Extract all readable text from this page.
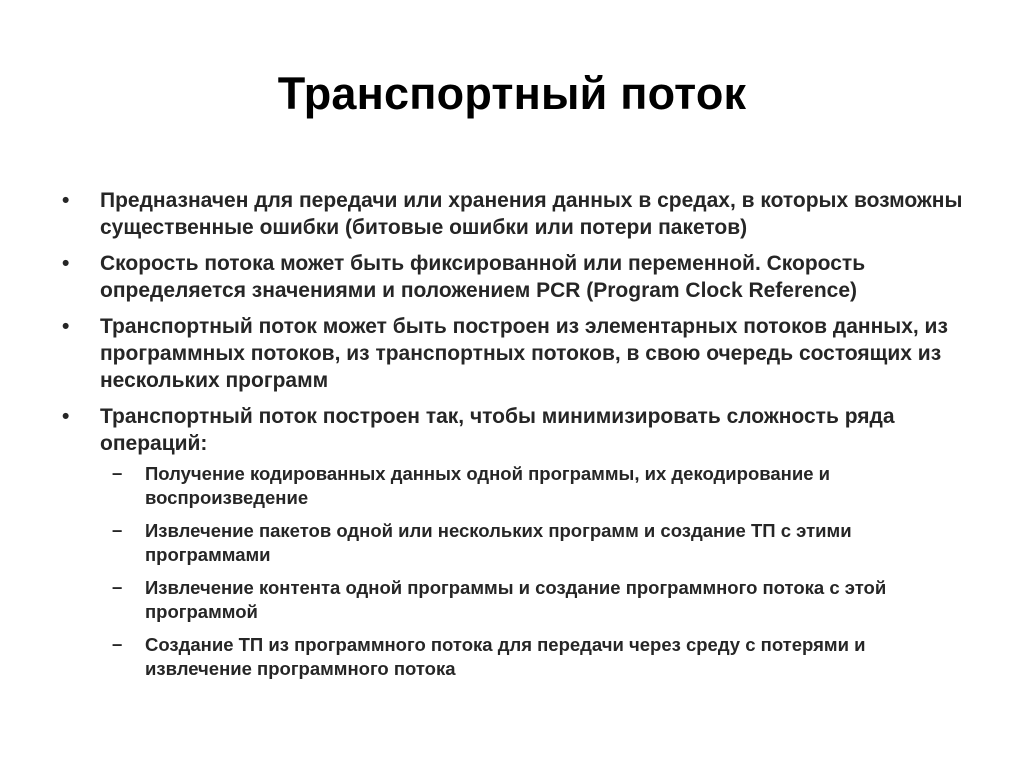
Транспортный поток
• Предназначен для передачи или хранения данных в средах, в которых возможны существенные ошибки (битовые ошибки или потери пакетов)
• Скорость потока может быть фиксированной или переменной. Скорость определяется значениями и положением PCR (Program Clock Reference)
• Транспортный поток может быть построен из элементарных потоков данных, из программных потоков, из транспортных потоков, в свою очередь состоящих из нескольких программ
• Транспортный поток построен так, чтобы минимизировать сложность ряда операций:
– Получение кодированных данных одной программы, их декодирование и воспроизведение
– Извлечение пакетов одной или нескольких программ и создание ТП с этими программами
– Извлечение контента одной программы и создание программного потока с этой программой
– Создание ТП из программного потока для передачи через среду с потерями и извлечение программного потока
